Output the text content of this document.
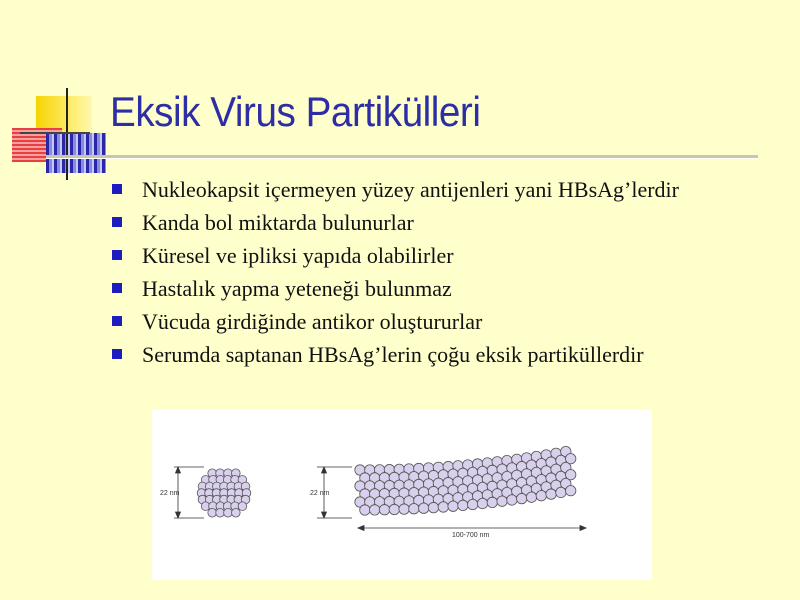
Eksik Virus Partikülleri
Nukleokapsit içermeyen yüzey antijenleri yani HBsAg’lerdir
Kanda bol miktarda bulunurlar
Küresel ve ipliksi yapıda olabilirler
Hastalık yapma yeteneği bulunmaz
Vücuda girdiğinde antikor oluştururlar
Serumda saptanan HBsAg’lerin çoğu eksik partiküllerdir
22 nm	22 nm
100-700 nm
